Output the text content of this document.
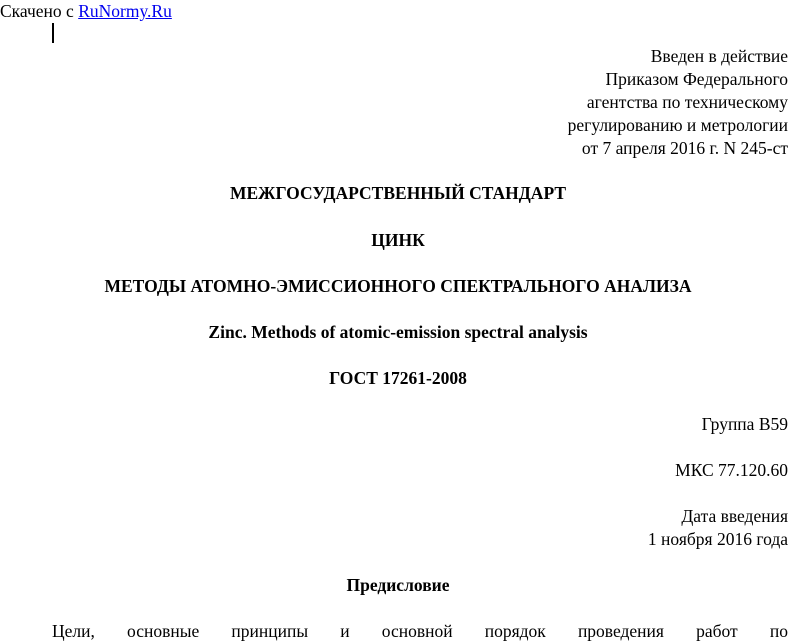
Скачено с RuNormy.Ru
Введен в действие
Приказом Федерального
агентства по техническому
регулированию и метрологии
от 7 апреля 2016 г. N 245-ст
МЕЖГОСУДАРСТВЕННЫЙ СТАНДАРТ
ЦИНК
МЕТОДЫ АТОМНО-ЭМИССИОННОГО СПЕКТРАЛЬНОГО АНАЛИЗА
Zinc. Methods of atomic-emission spectral analysis
ГОСТ 17261-2008
Группа В59
МКС 77.120.60
Дата введения
1 ноября 2016 года
Предисловие
Цели, основные принципы и основной порядок проведения работ по
